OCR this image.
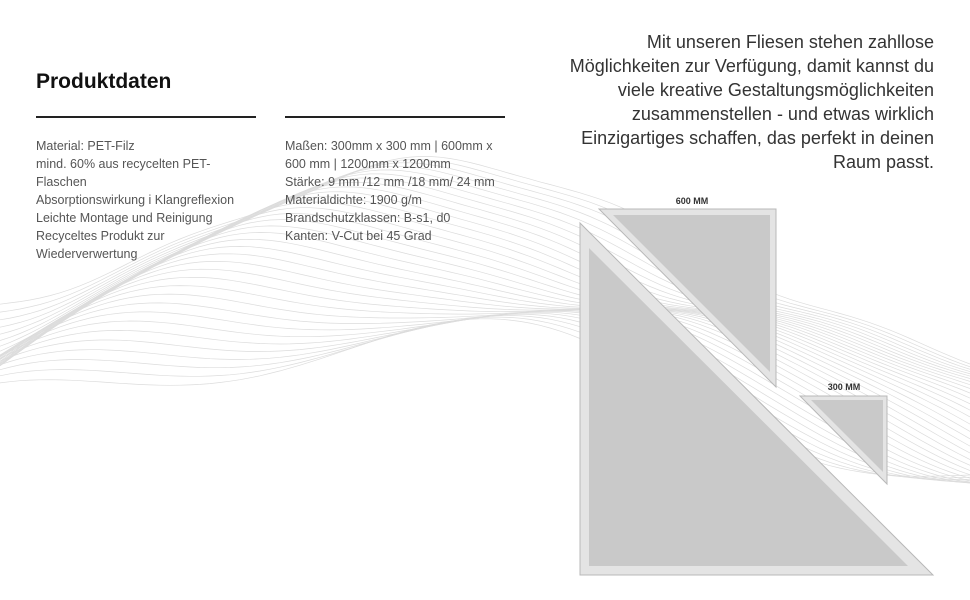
Produktdaten
Material: PET-Filz
mind. 60% aus recycelten PET-
Flaschen
Absorptionswirkung i Klangreflexion
Leichte Montage und Reinigung
Recyceltes Produkt zur
Wiederverwertung
Maßen: 300mm x 300 mm | 600mm x
600 mm | 1200mm x 1200mm
Stärke: 9 mm /12 mm /18 mm/ 24 mm
Materialdichte: 1900 g/m
Brandschutzklassen: B-s1, d0
Kanten: V-Cut bei 45 Grad
Mit unseren Fliesen stehen zahllose
Möglichkeiten zur Verfügung, damit kannst du
viele kreative Gestaltungsmöglichkeiten
zusammenstellen - und etwas wirklich
Einzigartiges schaffen, das perfekt in deinen
Raum passt.
600 MM
300 MM
